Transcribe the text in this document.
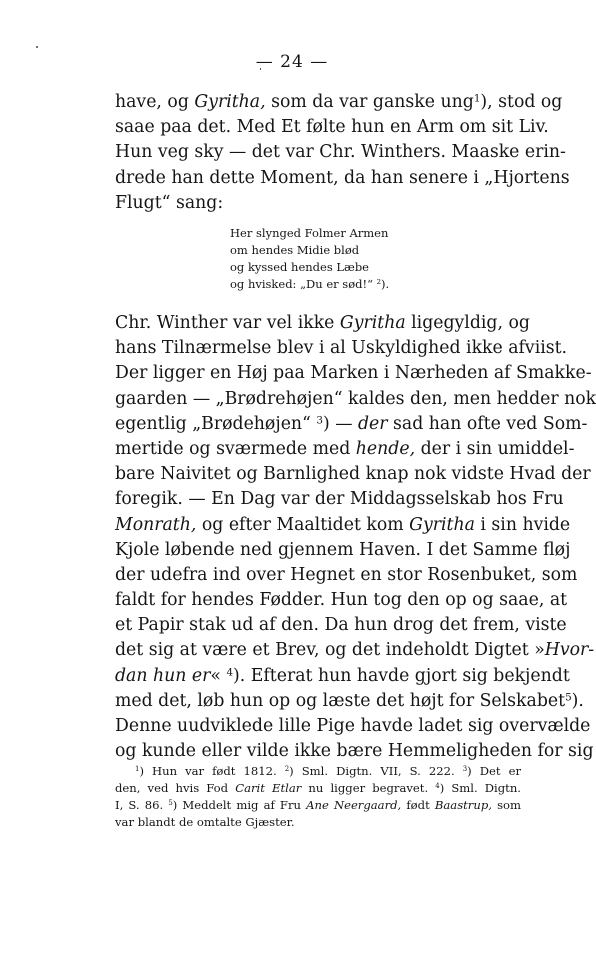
— 24 —
have, og Gyritha, som da var ganske ung$^1$), stod og
saae paa det. Med Et følte hun en Arm om sit Liv.
Hun veg sky — det var Chr. Winthers. Maaske erin-
drede han dette Moment, da han senere i „Hjortens
Flugt“ sang:
Her slynged Folmer Armen
om hendes Midie blød
og kyssed hendes Læbe
og hvisked: „Du er sød!“ $^2$).
Chr. Winther var vel ikke Gyritha ligegyldig, og
hans Tilnærmelse blev i al Uskyldighed ikke afviist.
Der ligger en Høj paa Marken i Nærheden af Smakke-
gaarden — „Brødrehøjen“ kaldes den, men hedder nok
egentlig „Brødehøjen“ $^3$) — der sad han ofte ved Som-
mertide og sværmede med hende, der i sin umiddel-
bare Naivitet og Barnlighed knap nok vidste Hvad der
foregik. — En Dag var der Middagsselskab hos Fru
Monrath, og efter Maaltidet kom Gyritha i sin hvide
Kjole løbende ned gjennem Haven. I det Samme fløj
der udefra ind over Hegnet en stor Rosenbuket, som
faldt for hendes Fødder. Hun tog den op og saae, at
et Papir stak ud af den. Da hun drog det frem, viste
det sig at være et Brev, og det indeholdt Digtet »Hvor-
dan hun er« $^4$). Efterat hun havde gjort sig bekjendt
med det, løb hun op og læste det højt for Selskabet$^5$).
Denne uudviklede lille Pige havde ladet sig overvælde
og kunde eller vilde ikke bære Hemmeligheden for sig
$^1$) Hun var født 1812. $^2$) Sml. Digtn. VII, S. 222. $^3$) Det er
den, ved hvis Fod Carit Etlar nu ligger begravet. $^4$) Sml. Digtn.
I, S. 86. $^5$) Meddelt mig af Fru Ane Neergaard, født Baastrup, som
var blandt de omtalte Gjæster.
